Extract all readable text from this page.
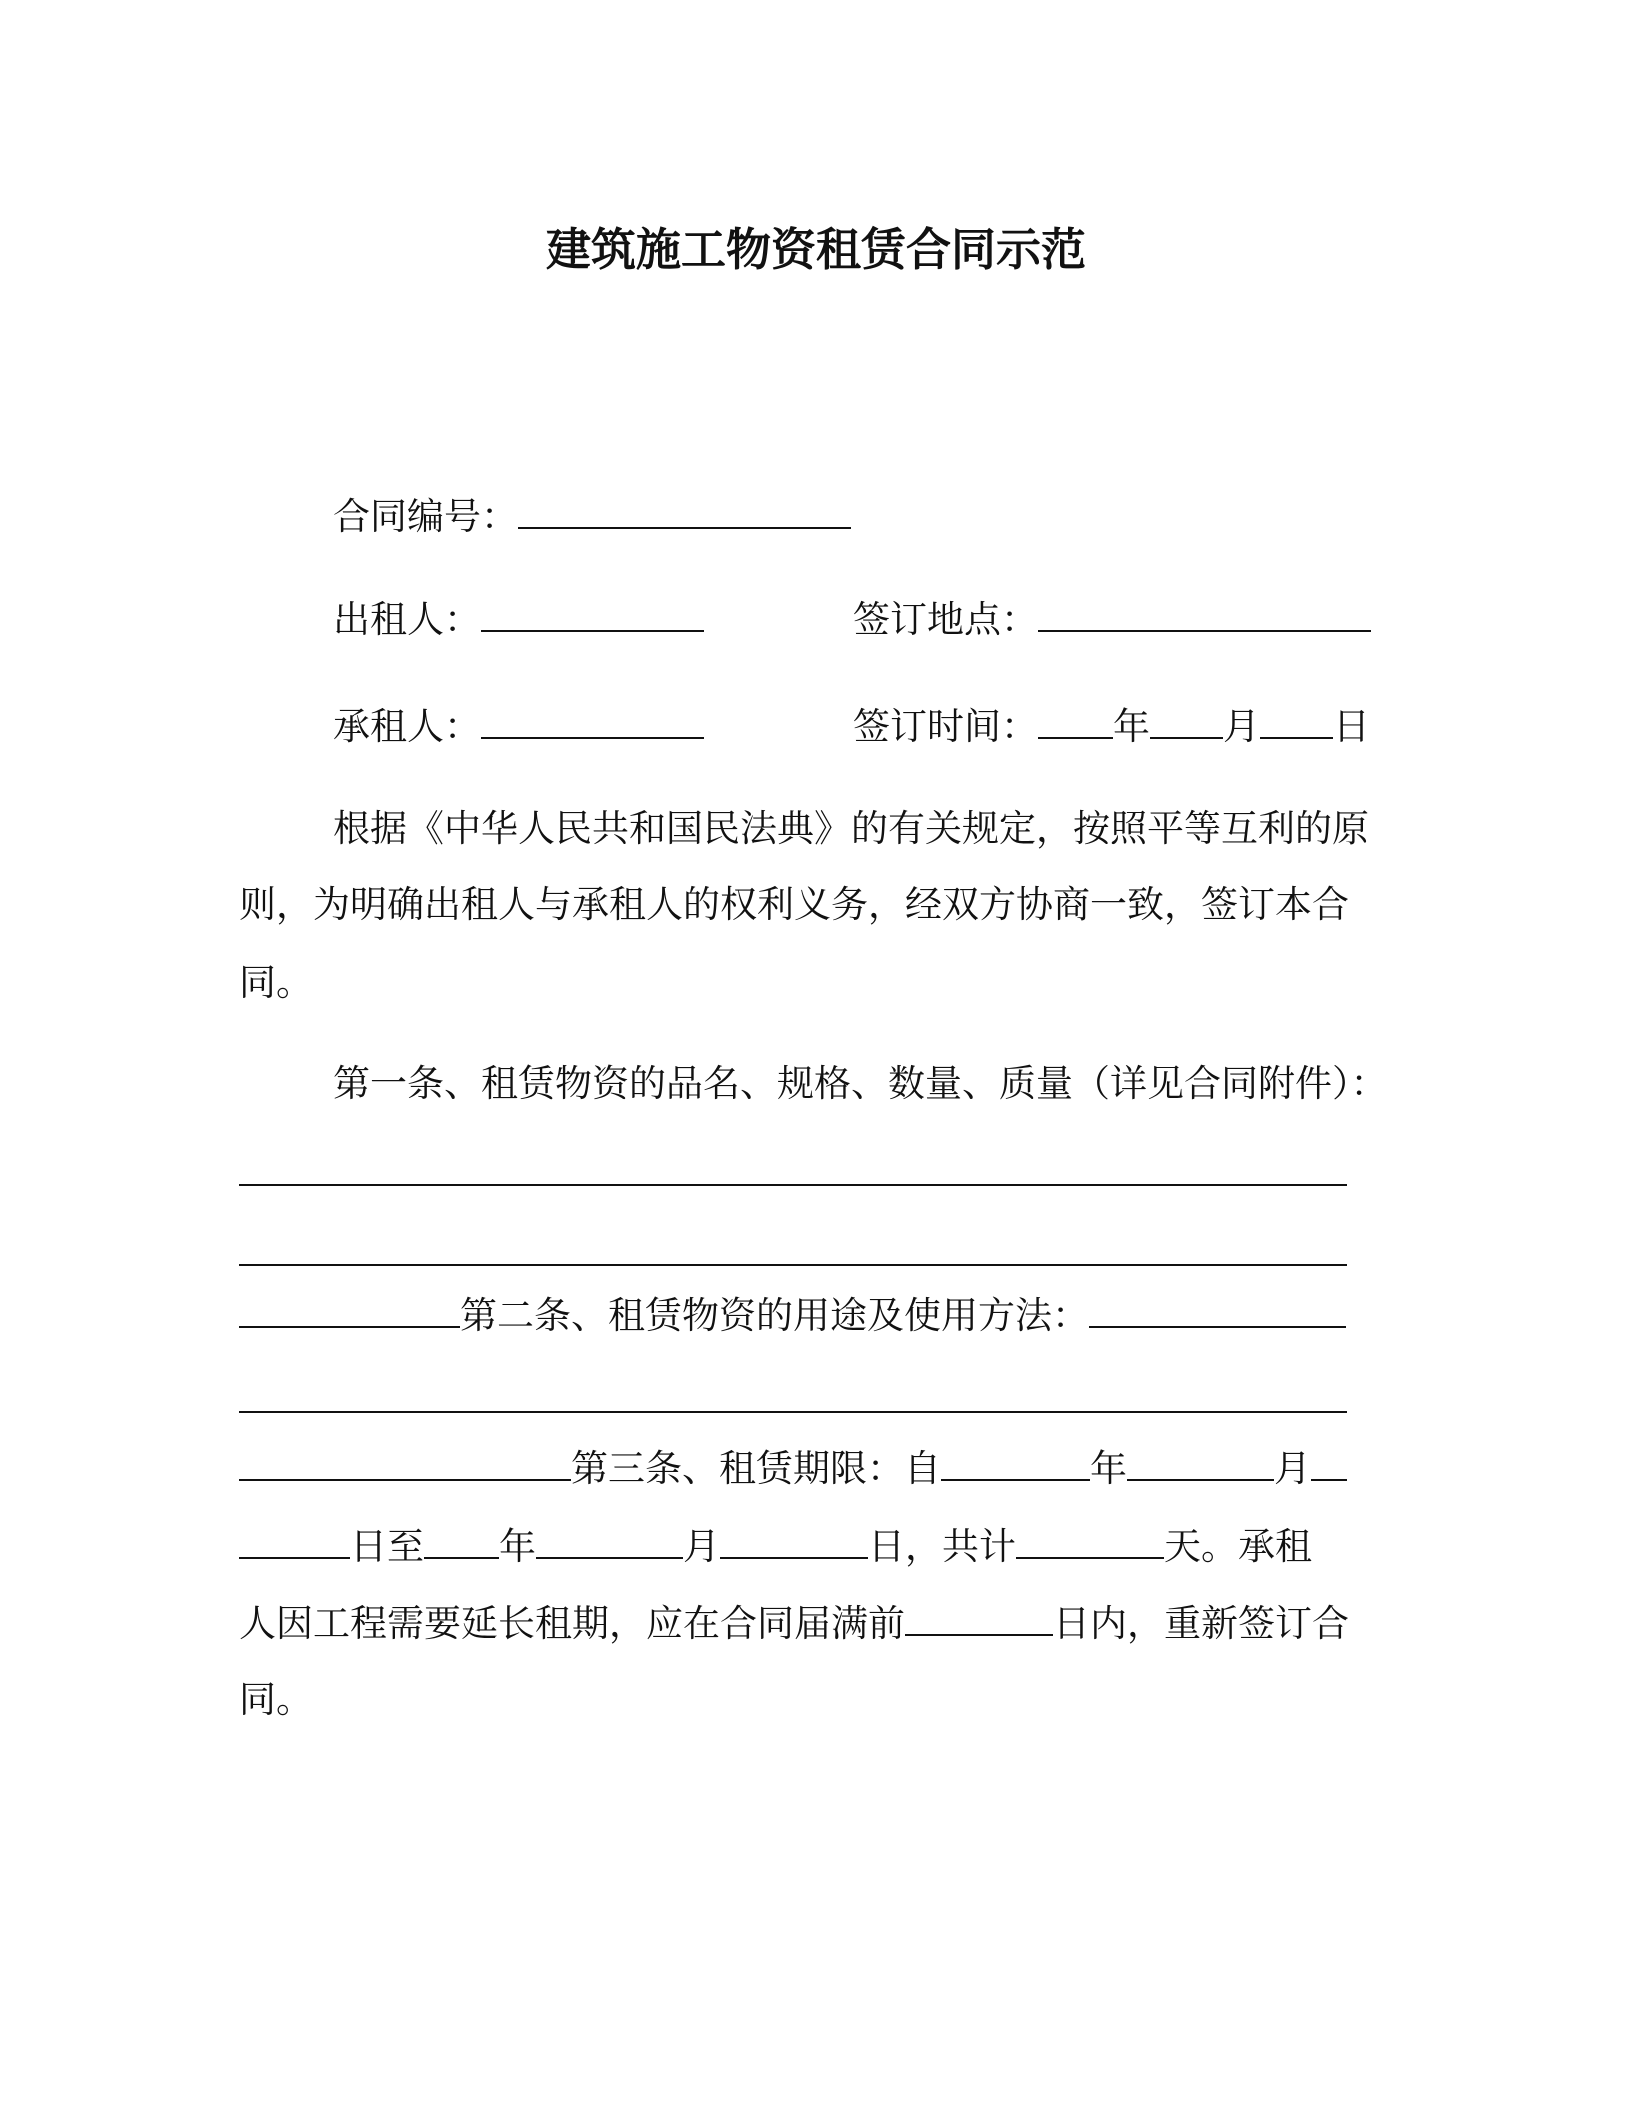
建筑施工物资租赁合同示范
合同编号：
出租人：	签订地点：
承租人：	签订时间： 年 月 日
根据《中华人民共和国民法典》的有关规定，按照平等互利的原
则，为明确出租人与承租人的权利义务，经双方协商一致，签订本合
同。
第一条、租赁物资的品名、规格、数量、质量（详见合同附件）：
第二条、租赁物资的用途及使用方法：
第三条、租赁期限：自	年	月
日至 年	月	日，共计	天。承租
人因工程需要延长租期，应在合同届满前	日内，重新签订合
同。
